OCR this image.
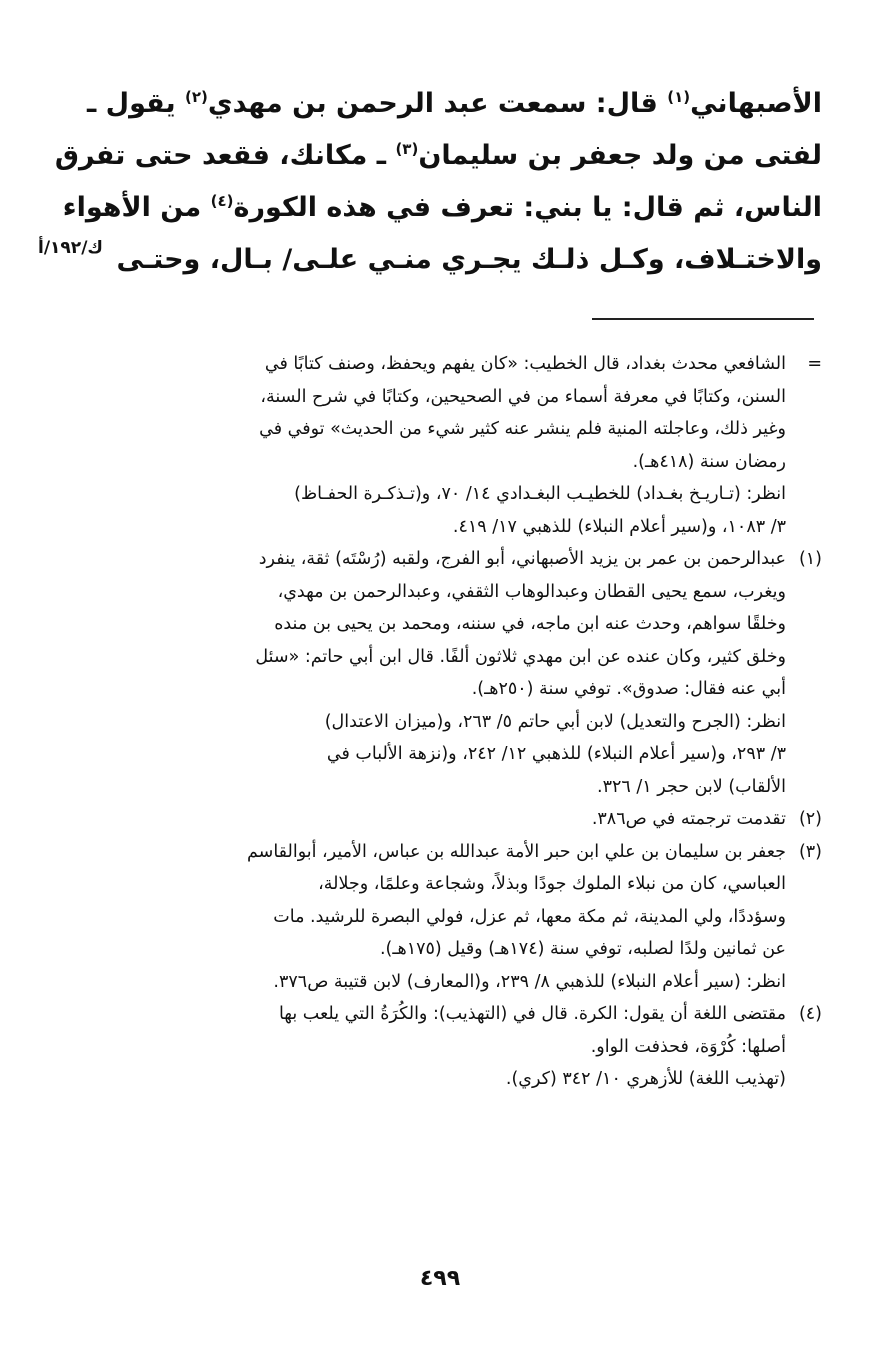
الأصبهاني$^{(١)}$ قال: سمعت عبد الرحمن بن مهدي$^{(٢)}$ يقول ـ
لفتى من ولد جعفر بن سليمان$^{(٣)}$ ـ مكانك، فقعد حتى تفرق
الناس، ثم قال: يا بني: تعرف في هذه الكورة$^{(٤)}$ من الأهواء
والاختـلاف، وكـل ذلـك يجـري منـي علـى/ بـال، وحتـى
ك/١٩٢/أ
=
الشافعي محدث بغداد، قال الخطيب: «كان يفهم ويحفظ، وصنف كتابًا في
السنن، وكتابًا في معرفة أسماء من في الصحيحين، وكتابًا في شرح السنة،
وغير ذلك، وعاجلته المنية فلم ينشر عنه كثير شيء من الحديث» توفي في
رمضان سنة (٤١٨هـ).
انظر: (تـاريـخ بغـداد) للخطيـب البغـدادي ١٤/ ٧٠، و(تـذكـرة الحفـاظ)
٣/ ١٠٨٣، و(سير أعلام النبلاء) للذهبي ١٧/ ٤١٩.
(١)
عبدالرحمن بن عمر بن يزيد الأصبهاني، أبو الفرج، ولقبه (رُسْتَه) ثقة، ينفرد
ويغرب، سمع يحيى القطان وعبدالوهاب الثقفي، وعبدالرحمن بن مهدي،
وخلقًا سواهم، وحدث عنه ابن ماجه، في سننه، ومحمد بن يحيى بن منده
وخلق كثير، وكان عنده عن ابن مهدي ثلاثون ألفًا. قال ابن أبي حاتم: «سئل
أبي عنه فقال: صدوق». توفي سنة (٢٥٠هـ).
انظر: (الجرح والتعديل) لابن أبي حاتم ٥/ ٢٦٣، و(ميزان الاعتدال)
٣/ ٢٩٣، و(سير أعلام النبلاء) للذهبي ١٢/ ٢٤٢، و(نزهة الألباب في
الألقاب) لابن حجر ١/ ٣٢٦.
(٢)
تقدمت ترجمته في ص٣٨٦.
(٣)
جعفر بن سليمان بن علي ابن حبر الأمة عبدالله بن عباس، الأمير، أبوالقاسم
العباسي، كان من نبلاء الملوك جودًا وبذلاً، وشجاعة وعلمًا، وجلالة،
وسؤددًا، ولي المدينة، ثم مكة معها، ثم عزل، فولي البصرة للرشيد. مات
عن ثمانين ولدًا لصلبه، توفي سنة (١٧٤هـ) وقيل (١٧٥هـ).
انظر: (سير أعلام النبلاء) للذهبي ٨/ ٢٣٩، و(المعارف) لابن قتيبة ص٣٧٦.
(٤)
مقتضى اللغة أن يقول: الكرة. قال في (التهذيب): والكُرَةُ التي يلعب بها
أصلها: كُرْوَة، فحذفت الواو.
(تهذيب اللغة) للأزهري ١٠/ ٣٤٢ (كري).
٤٩٩
